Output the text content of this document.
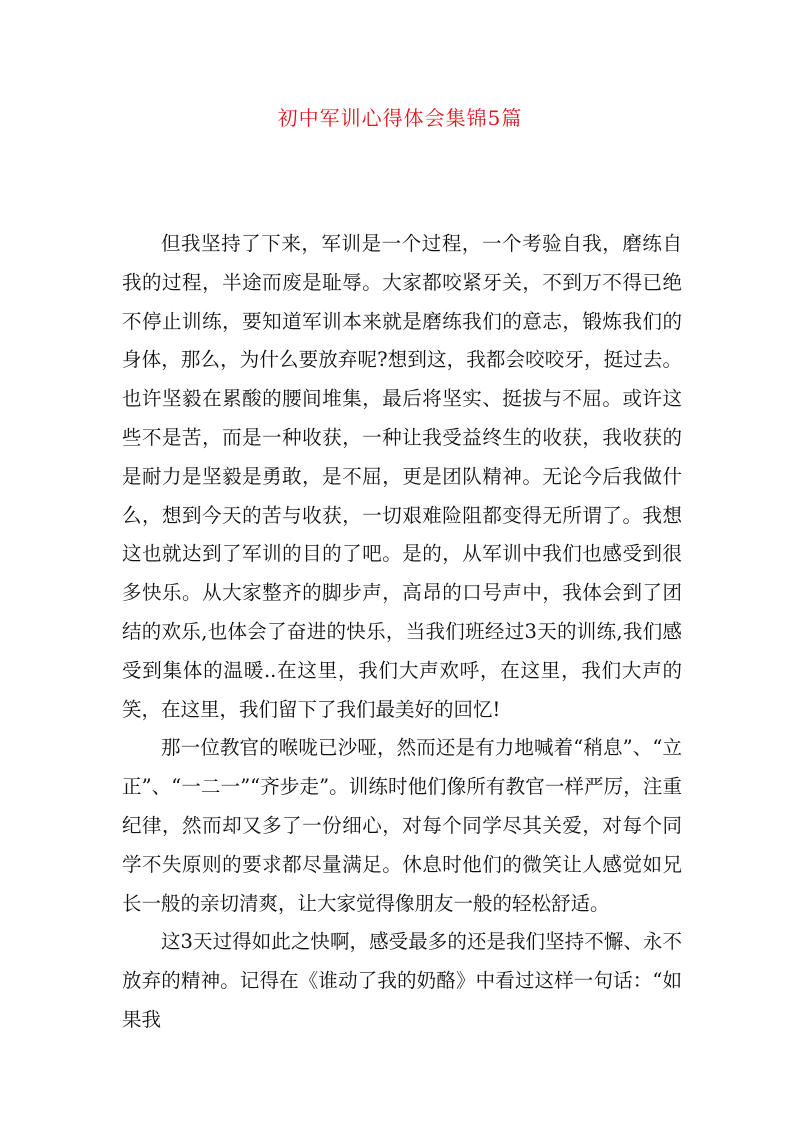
初中军训心得体会集锦5篇

但我坚持了下来，军训是一个过程，一个考验自我，磨练自我的过程，半途而废是耻辱。大家都咬紧牙关，不到万不得已绝不停止训练，要知道军训本来就是磨练我们的意志，锻炼我们的身体，那么，为什么要放弃呢?想到这，我都会咬咬牙，挺过去。也许坚毅在累酸的腰间堆集，最后将坚实、挺拔与不屈。或许这些不是苦，而是一种收获，一种让我受益终生的收获，我收获的是耐力是坚毅是勇敢，是不屈，更是团队精神。无论今后我做什么，想到今天的苦与收获，一切艰难险阻都变得无所谓了。我想这也就达到了军训的目的了吧。是的，从军训中我们也感受到很多快乐。从大家整齐的脚步声，高昂的口号声中，我体会到了团结的欢乐,也体会了奋进的快乐，当我们班经过3天的训练,我们感受到集体的温暖..在这里，我们大声欢呼，在这里，我们大声的笑，在这里，我们留下了我们最美好的回忆!

那一位教官的喉咙已沙哑，然而还是有力地喊着“稍息”、“立正”、“一二一”“齐步走”。训练时他们像所有教官一样严厉，注重纪律，然而却又多了一份细心，对每个同学尽其关爱，对每个同学不失原则的要求都尽量满足。休息时他们的微笑让人感觉如兄长一般的亲切清爽，让大家觉得像朋友一般的轻松舒适。

这3天过得如此之快啊，感受最多的还是我们坚持不懈、永不放弃的精神。记得在《谁动了我的奶酪》中看过这样一句话：“如果我
